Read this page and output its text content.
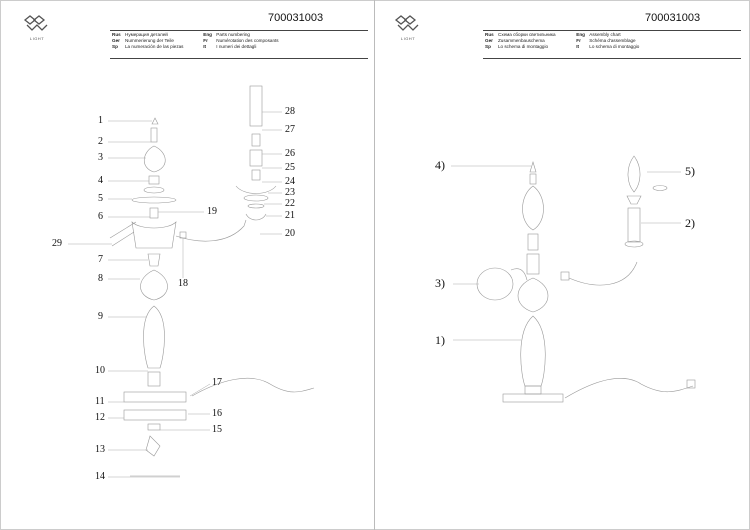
LIGHT
700031003
Rus Нумерация деталей
Ger Nummerierung der Teile
Sp La numeración de las piezas

Eng Parts numbering
Fr Numérotation des composants
It I numeri dei dettagli
1
2
3
4
5
6	19
29
7
18
8
9
10
11
17
12	16
15
13
14
28
27
26
25
24
23
22
21
20
LIGHT
700031003
Rus Схема сборки светильника
Ger Zusammenbauschema
Sp Lo schema di montaggio

Eng Assembly chart
Fr Schéma d'assemblage
It Lo schema di montaggio
4)	5)
2)
3)
1)
